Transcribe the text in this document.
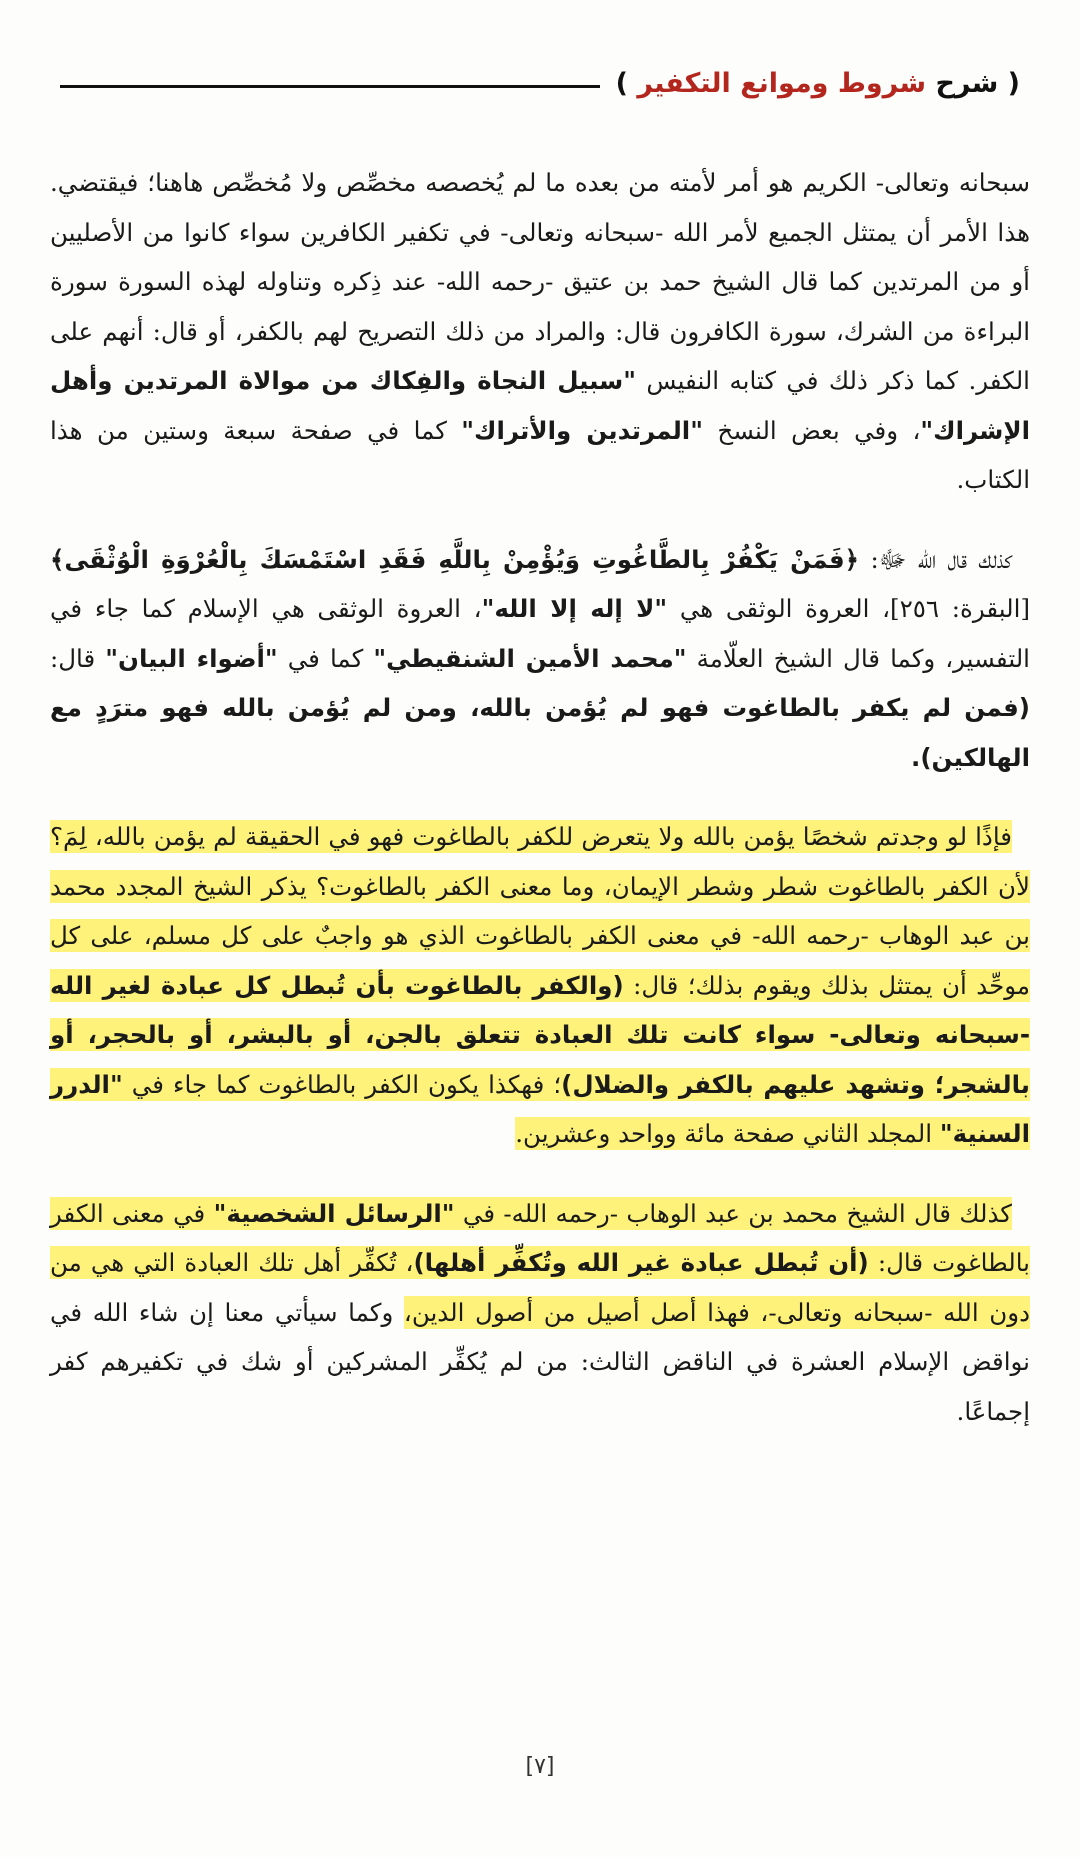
( شرح شروط وموانع التكفير )

سبحانه وتعالى- الكريم هو أمر لأمته من بعده ما لم يُخصصه مخصِّص ولا مُخصِّص هاهنا؛ فيقتضي. هذا الأمر أن يمتثل الجميع لأمر الله -سبحانه وتعالى- في تكفير الكافرين سواء كانوا من الأصليين أو من المرتدين كما قال الشيخ حمد بن عتيق -رحمه الله- عند ذِكره وتناوله لهذه السورة سورة البراءة من الشرك، سورة الكافرون قال: والمراد من ذلك التصريح لهم بالكفر، أو قال: أنهم على الكفر. كما ذكر ذلك في كتابه النفيس "سبيل النجاة والفِكاك من موالاة المرتدين وأهل الإشراك"، وفي بعض النسخ "المرتدين والأتراك" كما في صفحة سبعة وستين من هذا الكتاب.

كذلك قال الله ﷻ: ﴿فَمَنْ يَكْفُرْ بِالطَّاغُوتِ وَيُؤْمِنْ بِاللَّهِ فَقَدِ اسْتَمْسَكَ بِالْعُرْوَةِ الْوُثْقَى﴾[البقرة: ٢٥٦]، العروة الوثقى هي "لا إله إلا الله"، العروة الوثقى هي الإسلام كما جاء في التفسير، وكما قال الشيخ العلّامة "محمد الأمين الشنقيطي" كما في "أضواء البيان" قال: (فمن لم يكفر بالطاغوت فهو لم يُؤمن بالله، ومن لم يُؤمن بالله فهو مترَدٍ مع الهالكين).

فإذًا لو وجدتم شخصًا يؤمن بالله ولا يتعرض للكفر بالطاغوت فهو في الحقيقة لم يؤمن بالله، لِمَ؟ لأن الكفر بالطاغوت شطر وشطر الإيمان، وما معنى الكفر بالطاغوت؟ يذكر الشيخ المجدد محمد بن عبد الوهاب -رحمه الله- في معنى الكفر بالطاغوت الذي هو واجبٌ على كل مسلم، على كل موحِّد أن يمتثل بذلك ويقوم بذلك؛ قال: (والكفر بالطاغوت بأن تُبطل كل عبادة لغير الله -سبحانه وتعالى- سواء كانت تلك العبادة تتعلق بالجن، أو بالبشر، أو بالحجر، أو بالشجر؛ وتشهد عليهم بالكفر والضلال)؛ فهكذا يكون الكفر بالطاغوت كما جاء في "الدرر السنية" المجلد الثاني صفحة مائة وواحد وعشرين.

كذلك قال الشيخ محمد بن عبد الوهاب -رحمه الله- في "الرسائل الشخصية" في معنى الكفر بالطاغوت قال: (أن تُبطل عبادة غير الله وتُكفِّر أهلها)، تُكفِّر أهل تلك العبادة التي هي من دون الله -سبحانه وتعالى-، فهذا أصل أصيل من أصول الدين، وكما سيأتي معنا إن شاء الله في نواقض الإسلام العشرة في الناقض الثالث: من لم يُكفِّر المشركين أو شك في تكفيرهم كفر إجماعًا.

[٧]
